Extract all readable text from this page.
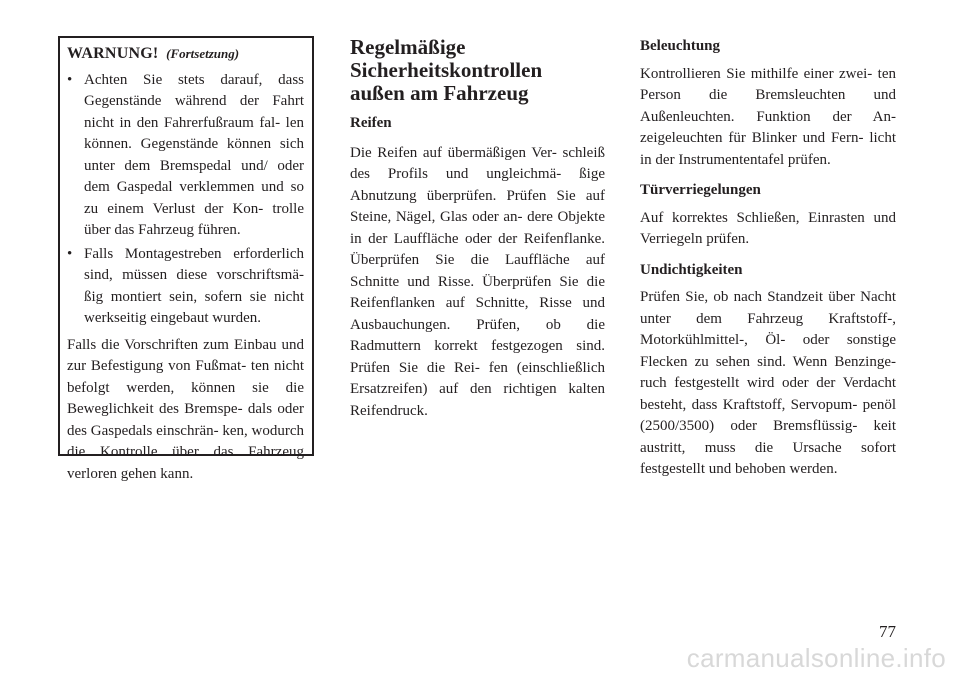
WARNUNG! (Fortsetzung)

• Achten Sie stets darauf, dass Gegenstände während der Fahrt nicht in den Fahrerfußraum fal- len können. Gegenstände können sich unter dem Bremspedal und/ oder dem Gaspedal verklemmen und so zu einem Verlust der Kon- trolle über das Fahrzeug führen.

• Falls Montagestreben erforderlich sind, müssen diese vorschriftsmä- ßig montiert sein, sofern sie nicht werkseitig eingebaut wurden.

Falls die Vorschriften zum Einbau und zur Befestigung von Fußmat- ten nicht befolgt werden, können sie die Beweglichkeit des Bremspe- dals oder des Gaspedals einschrän- ken, wodurch die Kontrolle über das Fahrzeug verloren gehen kann.

Regelmäßige
Sicherheitskontrollen
außen am Fahrzeug
Reifen

Die Reifen auf übermäßigen Ver- schleiß des Profils und ungleichmä- ßige Abnutzung überprüfen. Prüfen Sie auf Steine, Nägel, Glas oder an- dere Objekte in der Lauffläche oder der Reifenflanke. Überprüfen Sie die Lauffläche auf Schnitte und Risse. Überprüfen Sie die Reifenflanken auf Schnitte, Risse und Ausbauchungen. Prüfen, ob die Radmuttern korrekt festgezogen sind. Prüfen Sie die Rei- fen (einschließlich Ersatzreifen) auf den richtigen kalten Reifendruck.

Beleuchtung

Kontrollieren Sie mithilfe einer zwei- ten Person die Bremsleuchten und Außenleuchten. Funktion der An- zeigeleuchten für Blinker und Fern- licht in der Instrumententafel prüfen.

Türverriegelungen

Auf korrektes Schließen, Einrasten und Verriegeln prüfen.

Undichtigkeiten

Prüfen Sie, ob nach Standzeit über Nacht unter dem Fahrzeug Kraftstoff-, Motorkühlmittel-, Öl- oder sonstige Flecken zu sehen sind. Wenn Benzinge- ruch festgestellt wird oder der Verdacht besteht, dass Kraftstoff, Servopum- penöl (2500/3500) oder Bremsflüssig- keit austritt, muss die Ursache sofort festgestellt und behoben werden.

77
carmanualsonline.info
